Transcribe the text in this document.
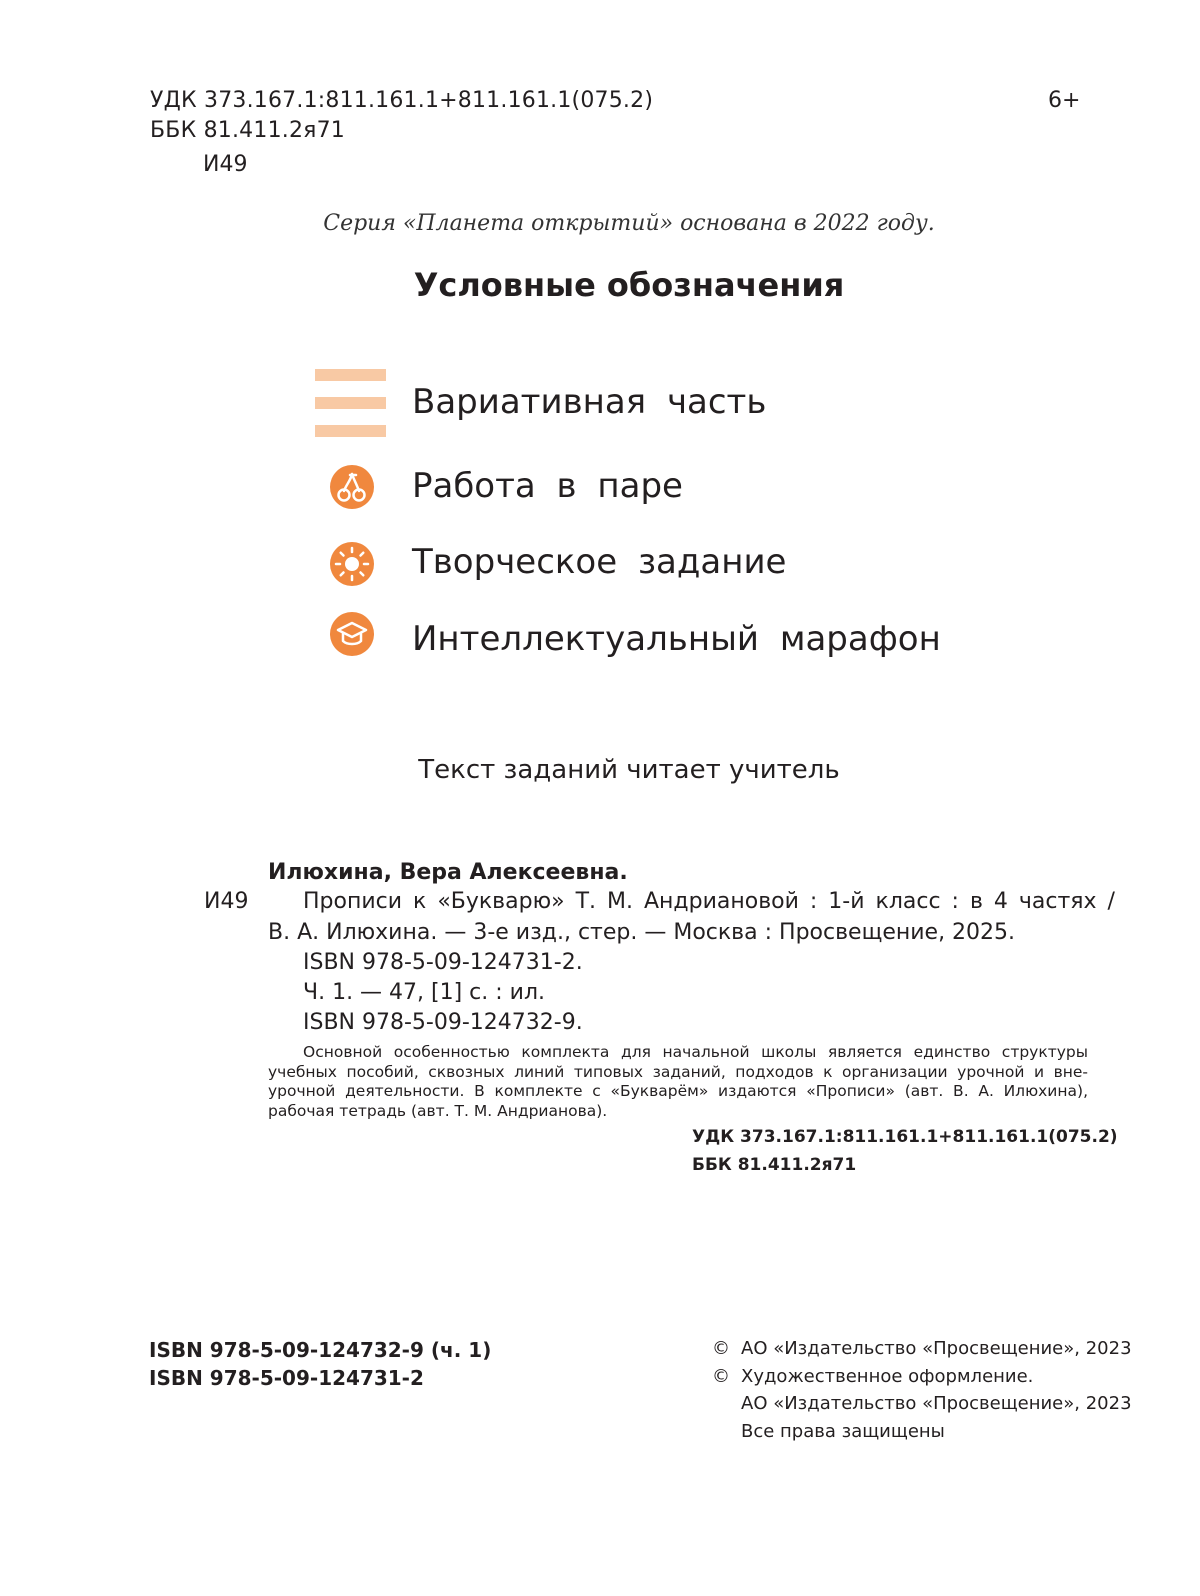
УДК 373.167.1:811.161.1+811.161.1(075.2)
ББК 81.411.2я71
И49
6+
Серия «Планета открытий» основана в 2022 году.
Условные обозначения
Вариативная часть
Работа в паре
Творческое задание
Интеллектуальный марафон
Текст заданий читает учитель
Илюхина, Вера Алексеевна.
И49 Прописи к «Букварю» Т. М. Андриановой : 1-й класс : в 4 частях /
В. А. Илюхина. — 3-е изд., стер. — Москва : Просвещение, 2025.
ISBN 978-5-09-124731-2.
Ч. 1. — 47, [1] с. : ил.
ISBN 978-5-09-124732-9.
Основной особенностью комплекта для начальной школы является единство структуры учебных пособий, сквозных линий типовых заданий, подходов к организации урочной и вне-урочной деятельности. В комплекте с «Букварём» издаются «Прописи» (авт. В. А. Илюхина), рабочая тетрадь (авт. Т. М. Андрианова).
УДК 373.167.1:811.161.1+811.161.1(075.2)
ББК 81.411.2я71
ISBN 978-5-09-124732-9 (ч. 1)
ISBN 978-5-09-124731-2
© АО «Издательство «Просвещение», 2023
© Художественное оформление.
АО «Издательство «Просвещение», 2023
Все права защищены
